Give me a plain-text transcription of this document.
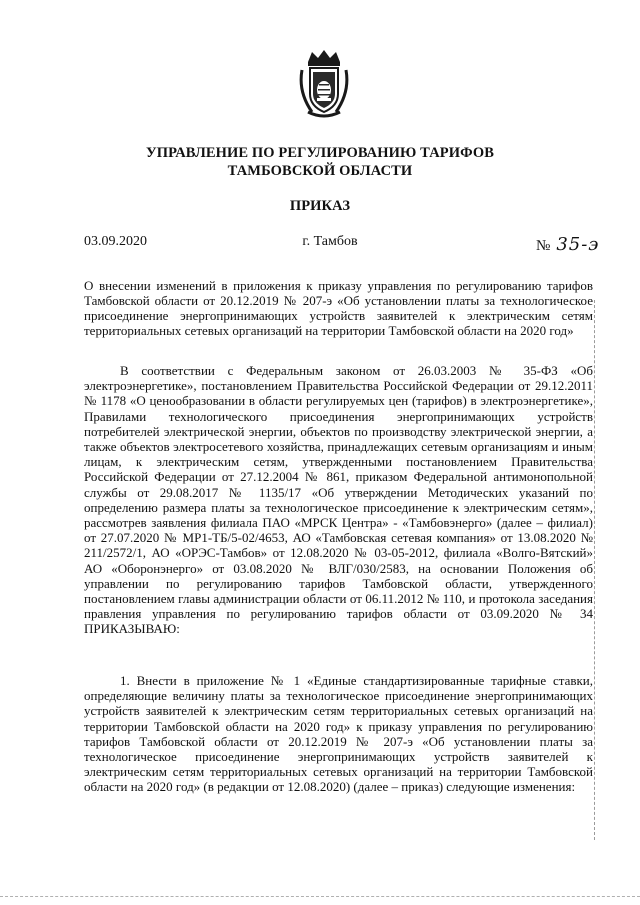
УПРАВЛЕНИЕ ПО РЕГУЛИРОВАНИЮ ТАРИФОВ
ТАМБОВСКОЙ ОБЛАСТИ
ПРИКАЗ
03.09.2020	г. Тамбов	№ 35-э
О внесении изменений в приложения к приказу управления по регулированию тарифов Тамбовской области от 20.12.2019 № 207-э «Об установлении платы за технологическое присоединение энергопринимающих устройств заявителей к электрическим сетям территориальных сетевых организаций на территории Тамбовской области на 2020 год»
В соответствии с Федеральным законом от 26.03.2003 № 35-ФЗ «Об электроэнергетике», постановлением Правительства Российской Федерации от 29.12.2011 № 1178 «О ценообразовании в области регулируемых цен (тарифов) в электроэнергетике», Правилами технологического присоединения энергопринимающих устройств потребителей электрической энергии, объектов по производству электрической энергии, а также объектов электросетевого хозяйства, принадлежащих сетевым организациям и иным лицам, к электрическим сетям, утвержденными постановлением Правительства Российской Федерации от 27.12.2004 № 861, приказом Федеральной антимонопольной службы от 29.08.2017 № 1135/17 «Об утверждении Методических указаний по определению размера платы за технологическое присоединение к электрическим сетям», рассмотрев заявления филиала ПАО «МРСК Центра» - «Тамбовэнерго» (далее – филиал) от 27.07.2020 № МР1-ТБ/5-02/4653, АО «Тамбовская сетевая компания» от 13.08.2020 № 211/2572/1, АО «ОРЭС-Тамбов» от 12.08.2020 № 03-05-2012, филиала «Волго-Вятский» АО «Оборонэнерго» от 03.08.2020 № ВЛГ/030/2583, на основании Положения об управлении по регулированию тарифов Тамбовской области, утвержденного постановлением главы администрации области от 06.11.2012 № 110, и протокола заседания правления управления по регулированию тарифов области от 03.09.2020 № 34 ПРИКАЗЫВАЮ:
1. Внести в приложение № 1 «Единые стандартизированные тарифные ставки, определяющие величину платы за технологическое присоединение энергопринимающих устройств заявителей к электрическим сетям территориальных сетевых организаций на территории Тамбовской области на 2020 год» к приказу управления по регулированию тарифов Тамбовской области от 20.12.2019 № 207-э «Об установлении платы за технологическое присоединение энергопринимающих устройств заявителей к электрическим сетям территориальных сетевых организаций на территории Тамбовской области на 2020 год» (в редакции от 12.08.2020) (далее – приказ) следующие изменения:
